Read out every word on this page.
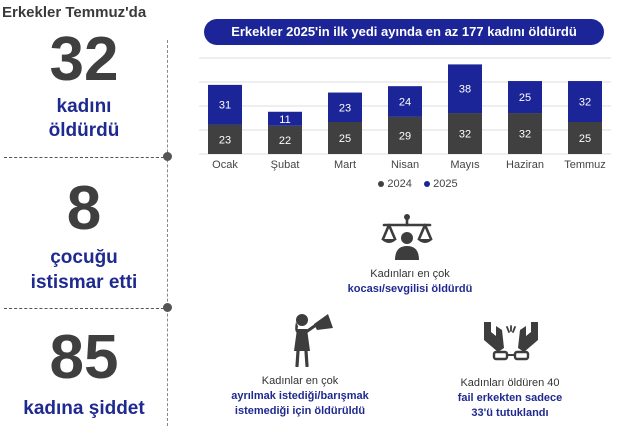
Erkekler Temmuz'da
32
kadını
öldürdü
8
çocuğu
istismar etti
85
kadına şiddet
Erkekler 2025'in ilk yedi ayında en az 177 kadını öldürdü
23
31
Ocak
22
11
Şubat
25
23
Mart
29
24
Nisan
32
38
Mayıs
32
25
Haziran
25
32
Temmuz
2024 2025
Kadınları en çok
kocası/sevgilisi öldürdü
Kadınlar en çok
ayrılmak istediği/barışmak
istemediği için öldürüldü
Kadınları öldüren 40
fail erkekten sadece
33'ü tutuklandı
